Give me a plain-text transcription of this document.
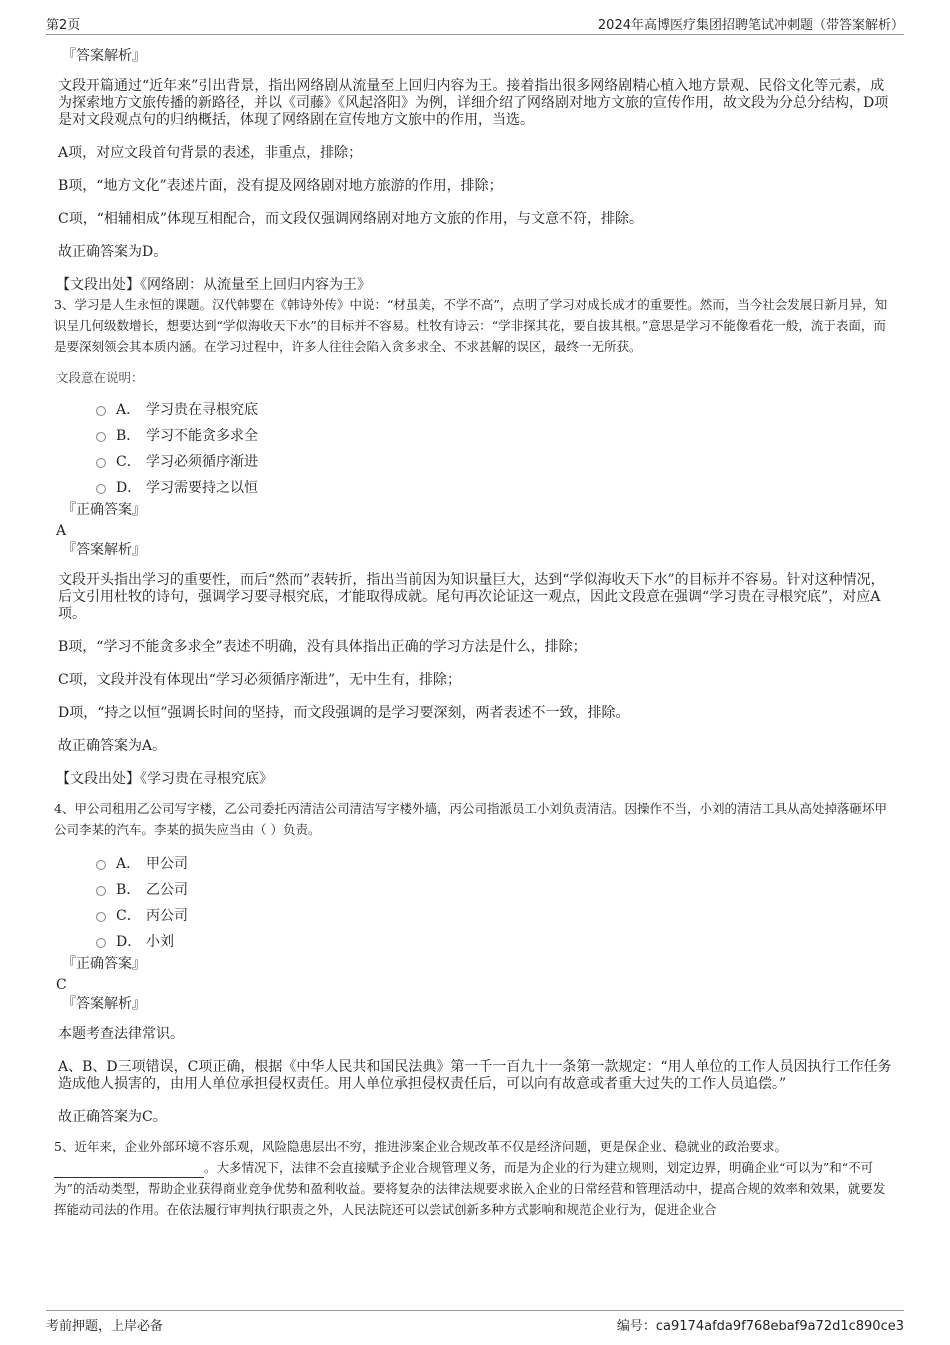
第2页	2024年高博医疗集团招聘笔试冲刺题（带答案解析）
『答案解析』

文段开篇通过“近年来”引出背景，指出网络剧从流量至上回归内容为王。接着指出很多网络剧精心植入地方景观、民俗文化等元素，成为探索地方文旅传播的新路径，并以《司藤》《风起洛阳》为例，详细介绍了网络剧对地方文旅的宣传作用，故文段为分总分结构，D项是对文段观点句的归纳概括，体现了网络剧在宣传地方文旅中的作用，当选。

A项，对应文段首句背景的表述，非重点，排除；

B项，“地方文化”表述片面，没有提及网络剧对地方旅游的作用，排除；

C项，“相辅相成”体现互相配合，而文段仅强调网络剧对地方文旅的作用，与文意不符，排除。

故正确答案为D。

【文段出处】《网络剧：从流量至上回归内容为王》

3、学习是人生永恒的课题。汉代韩婴在《韩诗外传》中说：“材虽美，不学不高”，点明了学习对成长成才的重要性。然而，当今社会发展日新月异，知识呈几何级数增长，想要达到“学似海收天下水”的目标并不容易。杜牧有诗云：“学非探其花，要自拔其根。”意思是学习不能像看花一般，流于表面，而是要深刻领会其本质内涵。在学习过程中，许多人往往会陷入贪多求全、不求甚解的误区，最终一无所获。

文段意在说明：

A． 学习贵在寻根究底
B． 学习不能贪多求全
C． 学习必须循序渐进
D． 学习需要持之以恒
『正确答案』
A
『答案解析』

文段开头指出学习的重要性，而后“然而”表转折，指出当前因为知识量巨大，达到“学似海收天下水”的目标并不容易。针对这种情况，后文引用杜牧的诗句，强调学习要寻根究底，才能取得成就。尾句再次论证这一观点，因此文段意在强调“学习贵在寻根究底”，对应A项。

B项，“学习不能贪多求全”表述不明确，没有具体指出正确的学习方法是什么，排除；

C项，文段并没有体现出“学习必须循序渐进”，无中生有，排除；

D项，“持之以恒”强调长时间的坚持，而文段强调的是学习要深刻，两者表述不一致，排除。

故正确答案为A。

【文段出处】《学习贵在寻根究底》

4、甲公司租用乙公司写字楼，乙公司委托丙清洁公司清洁写字楼外墙，丙公司指派员工小刘负责清洁。因操作不当，小刘的清洁工具从高处掉落砸坏甲公司李某的汽车。李某的损失应当由（ ）负责。

A． 甲公司
B． 乙公司
C． 丙公司
D． 小刘
『正确答案』
C
『答案解析』

本题考查法律常识。

A、B、D三项错误，C项正确，根据《中华人民共和国民法典》第一千一百九十一条第一款规定：“用人单位的工作人员因执行工作任务造成他人损害的，由用人单位承担侵权责任。用人单位承担侵权责任后，可以向有故意或者重大过失的工作人员追偿。”

故正确答案为C。

5、近年来，企业外部环境不容乐观，风险隐患层出不穷，推进涉案企业合规改革不仅是经济问题，更是保企业、稳就业的政治要求。
。大多情况下，法律不会直接赋予企业合规管理义务，而是为企业的行为建立规则，划定边界，明确企业“可以为”和“不可为”的活动类型，帮助企业获得商业竞争优势和盈利收益。要将复杂的法律法规要求嵌入企业的日常经营和管理活动中，提高合规的效率和效果，就要发挥能动司法的作用。在依法履行审判执行职责之外，人民法院还可以尝试创新多种方式影响和规范企业行为，促进企业合

考前押题，上岸必备	编号：ca9174afda9f768ebaf9a72d1c890ce3
